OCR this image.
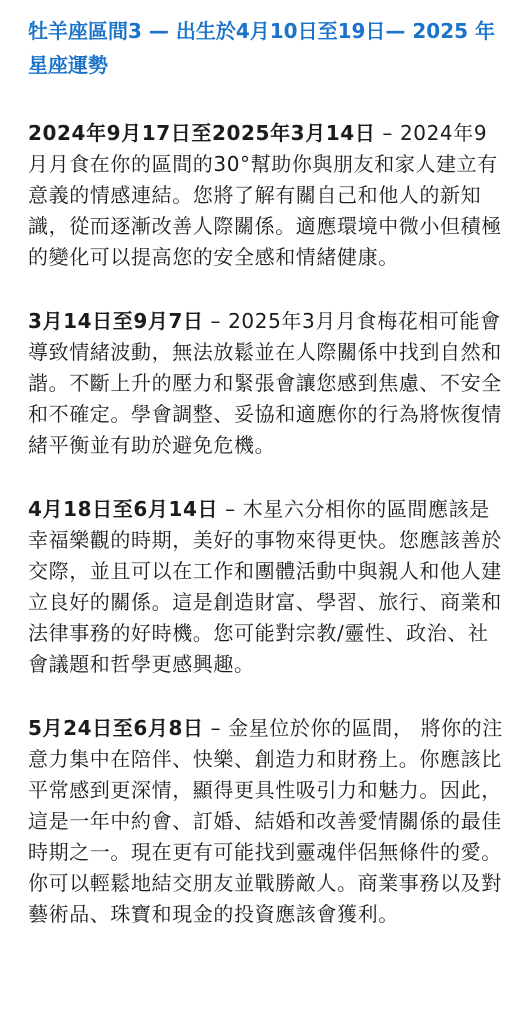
牡羊座區間3 — 出生於4月10日至19日— 2025 年星座運勢

2024年9月17日至2025年3月14日 – 2024年9月月食在你的區間的30°幫助你與朋友和家人建立有意義的情感連結。您將了解有關自己和他人的新知識，從而逐漸改善人際關係。適應環境中微小但積極的變化可以提高您的安全感和情緒健康。

3月14日至9月7日 – 2025年3月月食梅花相可能會導致情緒波動，無法放鬆並在人際關係中找到自然和諧。不斷上升的壓力和緊張會讓您感到焦慮、不安全和不確定。學會調整、妥協和適應你的行為將恢復情緒平衡並有助於避免危機。

4月18日至6月14日 – 木星六分相你的區間應該是幸福樂觀的時期，美好的事物來得更快。您應該善於交際，並且可以在工作和團體活動中與親人和他人建立良好的關係。這是創造財富、學習、旅行、商業和法律事務的好時機。您可能對宗教/靈性、政治、社會議題和哲學更感興趣。

5月24日至6月8日 – 金星位於你的區間， 將你的注意力集中在陪伴、快樂、創造力和財務上。你應該比平常感到更深情，顯得更具性吸引力和魅力。因此，這是一年中約會、訂婚、結婚和改善愛情關係的最佳時期之一。現在更有可能找到靈魂伴侶無條件的愛。你可以輕鬆地結交朋友並戰勝敵人。商業事務以及對藝術品、珠寶和現金的投資應該會獲利。
